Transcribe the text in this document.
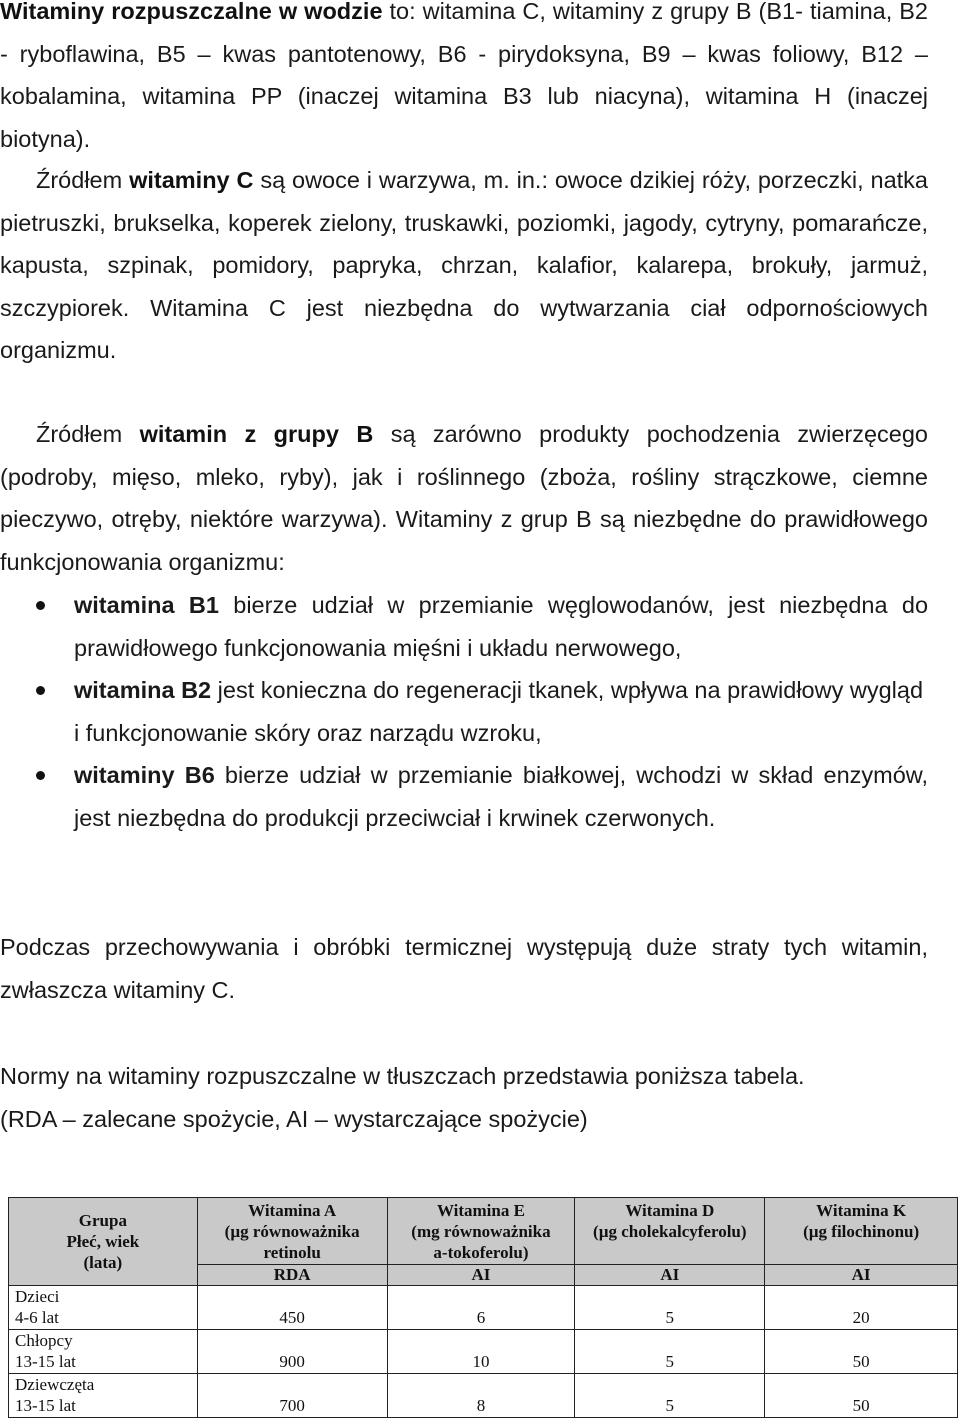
Witaminy rozpuszczalne w wodzie to: witamina C, witaminy z grupy B (B1- tiamina, B2 - ryboflawina, B5 – kwas pantotenowy, B6 - pirydoksyna, B9 – kwas foliowy, B12 – kobalamina, witamina PP (inaczej witamina B3 lub niacyna), witamina H (inaczej biotyna).

Źródłem witaminy C są owoce i warzywa, m. in.: owoce dzikiej róży, porzeczki, natka pietruszki, brukselka, koperek zielony, truskawki, poziomki, jagody, cytryny, pomarańcze, kapusta, szpinak, pomidory, papryka, chrzan, kalafior, kalarepa, brokuły, jarmuż, szczypiorek. Witamina C jest niezbędna do wytwarzania ciał odpornościowych organizmu.

Źródłem witamin z grupy B są zarówno produkty pochodzenia zwierzęcego (podroby, mięso, mleko, ryby), jak i roślinnego (zboża, rośliny strączkowe, ciemne pieczywo, otręby, niektóre warzywa). Witaminy z grup B są niezbędne do prawidłowego funkcjonowania organizmu:

witamina B1 bierze udział w przemianie węglowodanów, jest niezbędna do prawidłowego funkcjonowania mięśni i układu nerwowego,
witamina B2 jest konieczna do regeneracji tkanek, wpływa na prawidłowy wygląd
i funkcjonowanie skóry oraz narządu wzroku,
witaminy B6 bierze udział w przemianie białkowej, wchodzi w skład enzymów, jest niezbędna do produkcji przeciwciał i krwinek czerwonych.

Podczas przechowywania i obróbki termicznej występują duże straty tych witamin, zwłaszcza witaminy C.

Normy na witaminy rozpuszczalne w tłuszczach przedstawia poniższa tabela.
(RDA – zalecane spożycie, AI – wystarczające spożycie)

Grupa
Płeć, wiek
(lata)	Witamina A
(µg równoważnika
retinolu	Witamina E
(mg równoważnika
a-tokoferolu)	Witamina D
(µg cholekalcyferolu)	Witamina K
(µg filochinonu)

	RDA	AI	AI	AI

Dzieci
4-6 lat	450	6	5	20

Chłopcy
13-15 lat	900	10	5	50

Dziewczęta
13-15 lat	700	8	5	50
